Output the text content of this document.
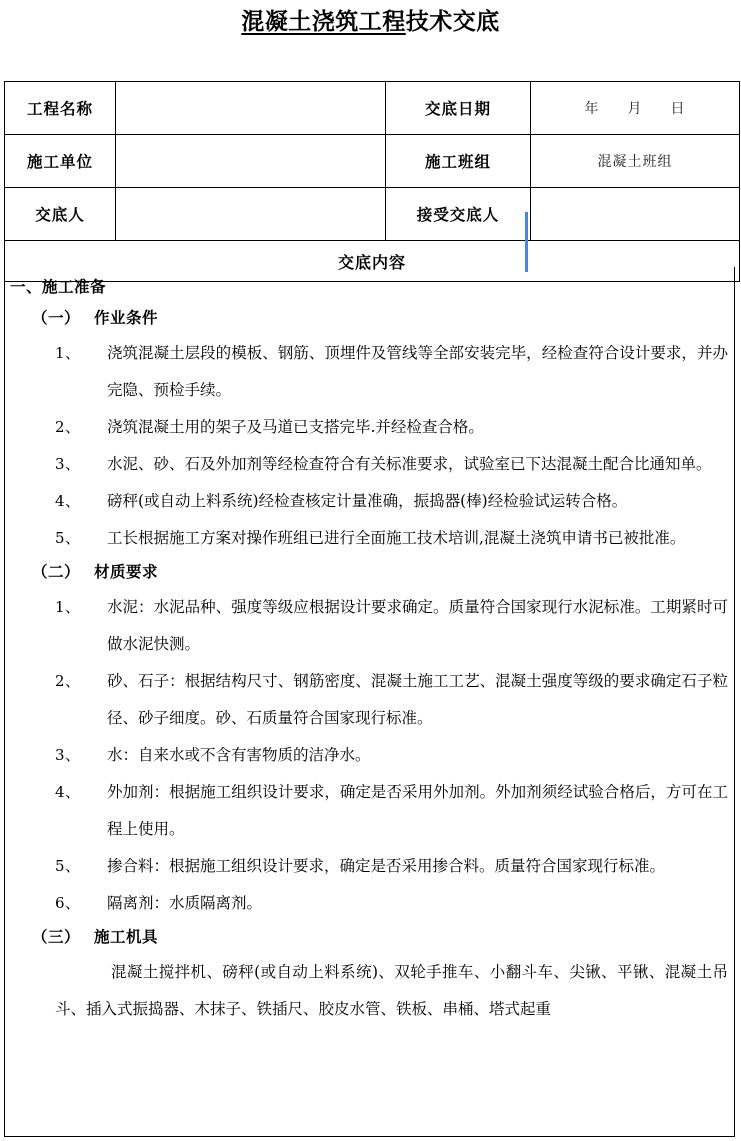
混凝土浇筑工程技术交底
工程名称		交底日期	年 月 日
施工单位		施工班组	混凝土班组
交底人		接受交底人	
交底内容			
一、施工准备
（一） 作业条件
1、	浇筑混凝土层段的模板、钢筋、顶埋件及管线等全部安装完毕，经检查符合设计要求，并办完隐、预检手续。
2、	浇筑混凝土用的架子及马道已支搭完毕.并经检查合格。
3、	水泥、砂、石及外加剂等经检查符合有关标准要求，试验室已下达混凝土配合比通知单。
4、	磅秤(或自动上料系统)经检查核定计量准确，振捣器(棒)经检验试运转合格。
5、	工长根据施工方案对操作班组已进行全面施工技术培训,混凝土浇筑申请书已被批准。
（二） 材质要求
1、	水泥：水泥品种、强度等级应根据设计要求确定。质量符合国家现行水泥标准。工期紧时可做水泥快测。
2、	砂、石子：根据结构尺寸、钢筋密度、混凝土施工工艺、混凝土强度等级的要求确定石子粒径、砂子细度。砂、石质量符合国家现行标准。
3、	水：自来水或不含有害物质的洁净水。
4、	外加剂：根据施工组织设计要求，确定是否采用外加剂。外加剂须经试验合格后，方可在工程上使用。
5、	掺合料：根据施工组织设计要求，确定是否采用掺合料。质量符合国家现行标准。
6、	隔离剂：水质隔离剂。
（三） 施工机具
混凝土搅拌机、磅秤(或自动上料系统)、双轮手推车、小翻斗车、尖锹、平锹、混凝土吊斗、插入式振捣器、木抹子、铁插尺、胶皮水管、铁板、串桶、塔式起重
